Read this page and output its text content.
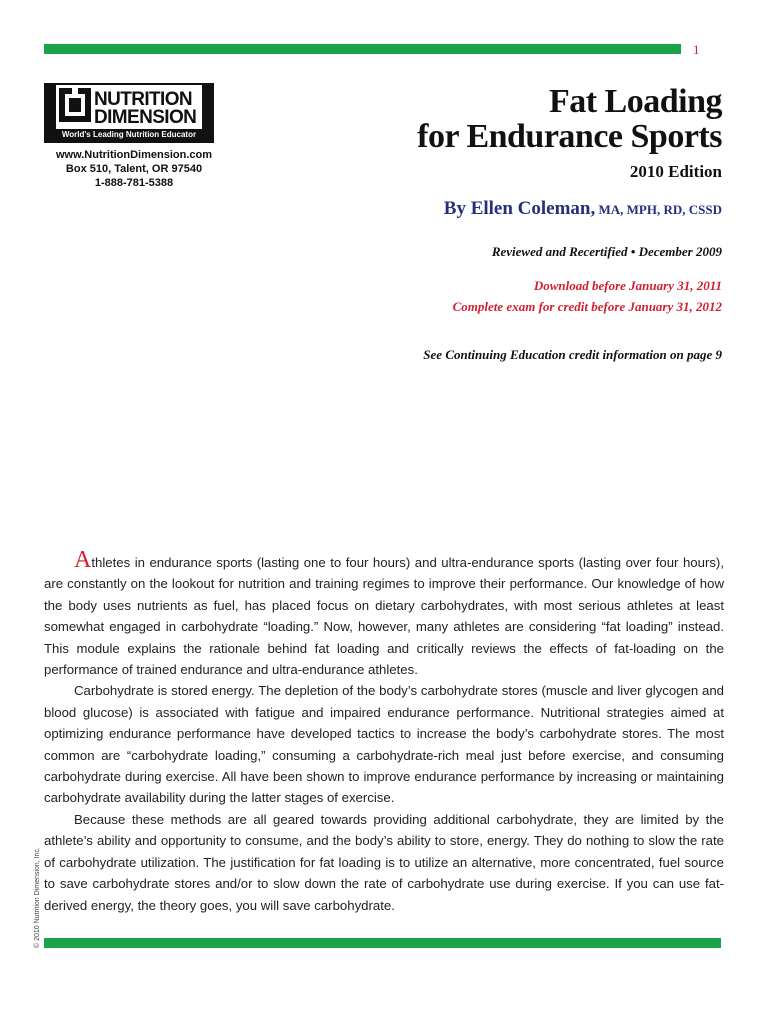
1
NUTRITION
DIMENSION
World's Leading Nutrition Educator
www.NutritionDimension.com
Box 510, Talent, OR 97540
1-888-781-5388
Fat Loading
for Endurance Sports
2010 Edition
By Ellen Coleman, MA, MPH, RD, CSSD
Reviewed and Recertified • December 2009
Download before January 31, 2011
Complete exam for credit before January 31, 2012
See Continuing Education credit information on page 9

Athletes in endurance sports (lasting one to four hours) and ultra-endurance sports (lasting over four hours), are constantly on the lookout for nutrition and training regimes to improve their performance. Our knowledge of how the body uses nutrients as fuel, has placed focus on dietary carbohydrates, with most serious athletes at least somewhat engaged in carbohydrate “loading.” Now, however, many athletes are considering “fat loading” instead. This module explains the rationale behind fat loading and critically reviews the effects of fat-loading on the performance of trained endurance and ultra-endurance athletes.

Carbohydrate is stored energy. The depletion of the body’s carbohydrate stores (muscle and liver glycogen and blood glucose) is associated with fatigue and impaired endurance performance. Nutritional strategies aimed at optimizing endurance performance have developed tactics to increase the body’s carbohydrate stores. The most common are “carbohydrate loading,” consuming a carbohydrate-rich meal just before exercise, and consuming carbohydrate during exercise. All have been shown to improve endurance performance by increasing or maintaining carbohydrate availability during the latter stages of exercise.

Because these methods are all geared towards providing additional carbohydrate, they are limited by the athlete’s ability and opportunity to consume, and the body’s ability to store, energy. They do nothing to slow the rate of carbohydrate utilization. The justification for fat loading is to utilize an alternative, more concentrated, fuel source to save carbohydrate stores and/or to slow down the rate of carbohydrate use during exercise. If you can use fat-derived energy, the theory goes, you will save carbohydrate.

© 2010 Nutrition Dimension, Inc.
